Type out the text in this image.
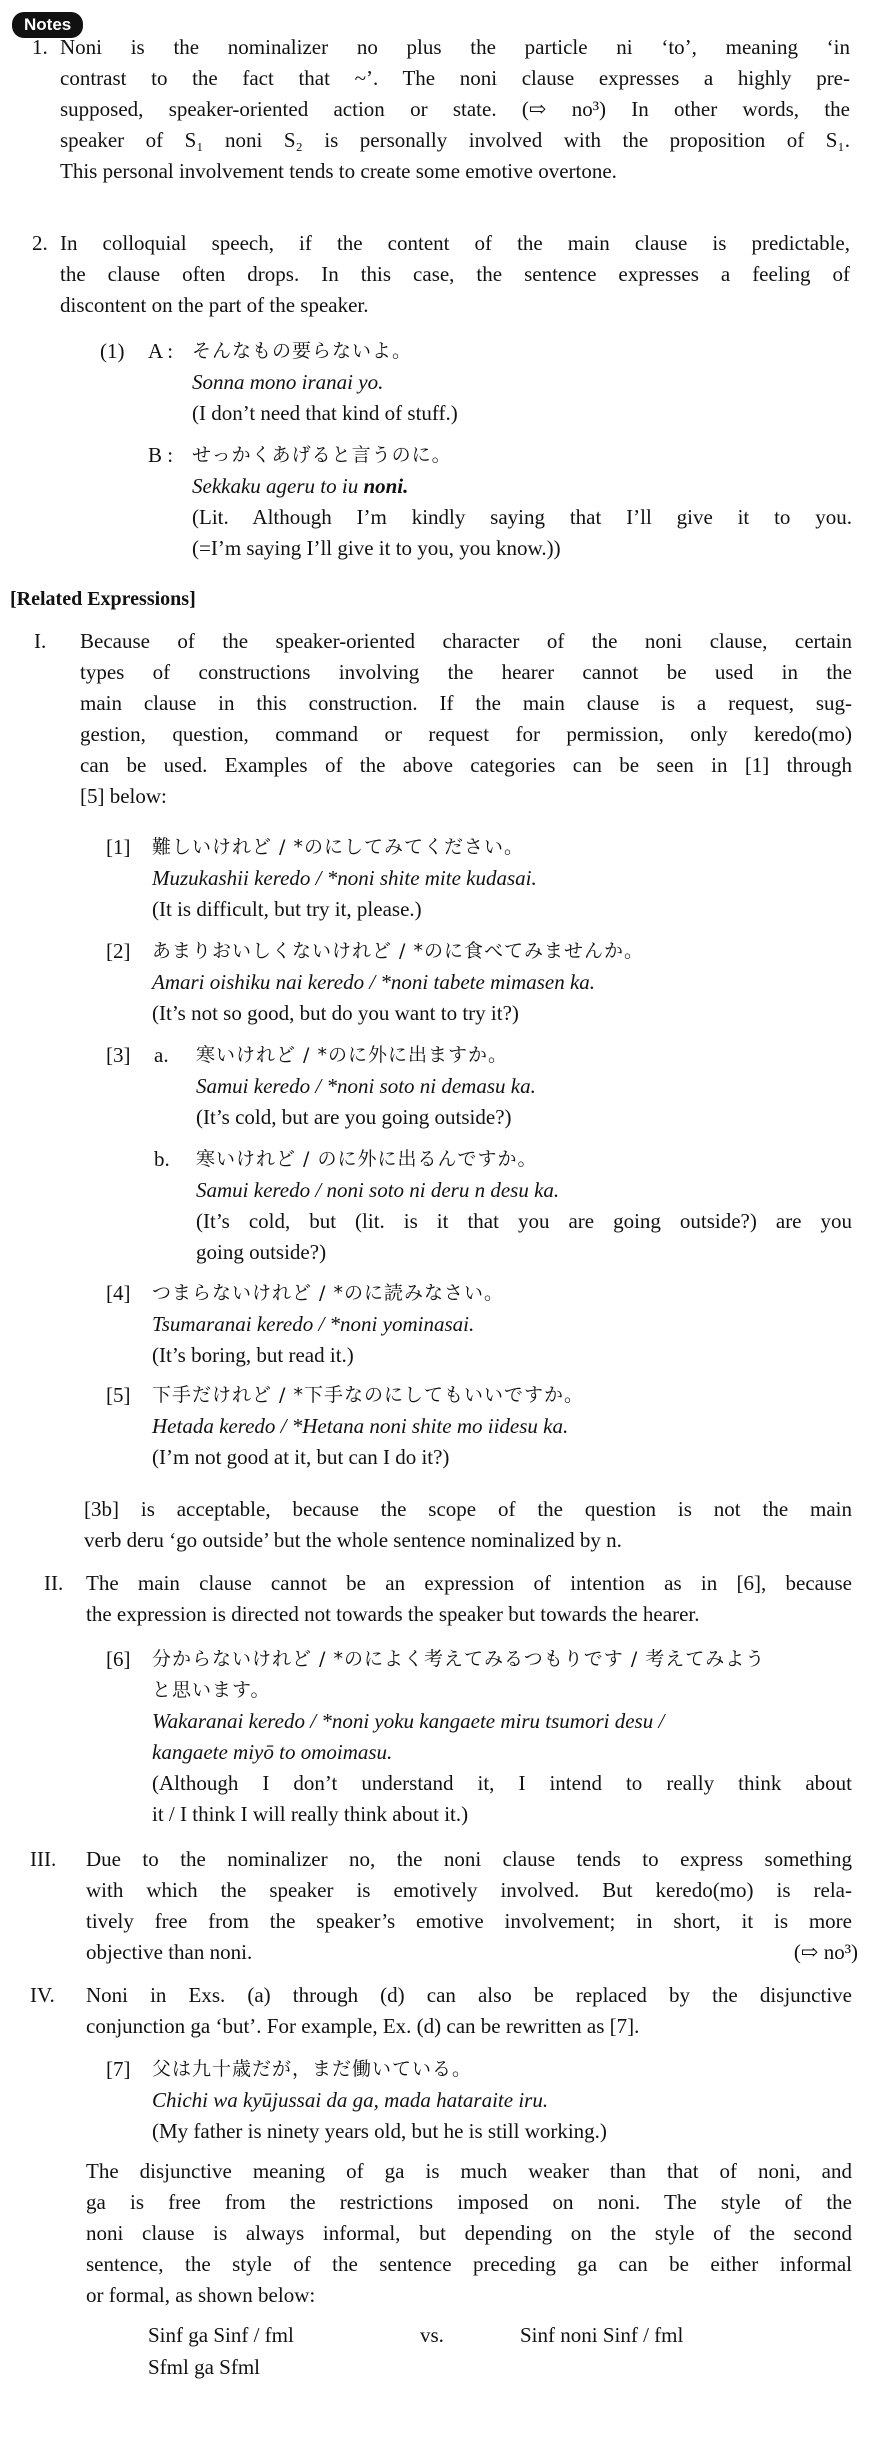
Notes
1. Noni is the nominalizer no plus the particle ni ‘to’, meaning ‘in
contrast to the fact that ~’. The noni clause expresses a highly pre-
supposed, speaker-oriented action or state. (⇨ no³) In other words, the
speaker of S₁ noni S₂ is personally involved with the proposition of S₁.
This personal involvement tends to create some emotive overtone.
2. In colloquial speech, if the content of the main clause is predictable,
the clause often drops. In this case, the sentence expresses a feeling of
discontent on the part of the speaker.
(1) A : そんなもの要らないよ。
Sonna mono iranai yo.
(I don’t need that kind of stuff.)
B : せっかくあげると言うのに。
Sekkaku ageru to iu noni.
(Lit. Although I’m kindly saying that I’ll give it to you.
(=I’m saying I’ll give it to you, you know.))
[Related Expressions]
I. Because of the speaker-oriented character of the noni clause, certain
types of constructions involving the hearer cannot be used in the
main clause in this construction. If the main clause is a request, sug-
gestion, question, command or request for permission, only keredo(mo)
can be used. Examples of the above categories can be seen in [1] through
[5] below:
[1] 難しいけれど / *のにしてみてください。
Muzukashii keredo / *noni shite mite kudasai.
(It is difficult, but try it, please.)
[2] あまりおいしくないけれど / *のに食べてみませんか。
Amari oishiku nai keredo / *noni tabete mimasen ka.
(It’s not so good, but do you want to try it?)
[3] a. 寒いけれど / *のに外に出ますか。
Samui keredo / *noni soto ni demasu ka.
(It’s cold, but are you going outside?)
b. 寒いけれど / のに外に出るんですか。
Samui keredo / noni soto ni deru n desu ka.
(It’s cold, but (lit. is it that you are going outside?) are you
going outside?)
[4] つまらないけれど / *のに読みなさい。
Tsumaranai keredo / *noni yominasai.
(It’s boring, but read it.)
[5] 下手だけれど / *下手なのにしてもいいですか。
Hetada keredo / *Hetana noni shite mo iidesu ka.
(I’m not good at it, but can I do it?)
[3b] is acceptable, because the scope of the question is not the main
verb deru ‘go outside’ but the whole sentence nominalized by n.
II. The main clause cannot be an expression of intention as in [6], because
the expression is directed not towards the speaker but towards the hearer.
[6] 分からないけれど / *のによく考えてみるつもりです / 考えてみよう
と思います。
Wakaranai keredo / *noni yoku kangaete miru tsumori desu /
kangaete miyō to omoimasu.
(Although I don’t understand it, I intend to really think about
it / I think I will really think about it.)
III. Due to the nominalizer no, the noni clause tends to express something
with which the speaker is emotively involved. But keredo(mo) is rela-
tively free from the speaker’s emotive involvement; in short, it is more
objective than noni.	(⇨ no³)
IV. Noni in Exs. (a) through (d) can also be replaced by the disjunctive
conjunction ga ‘but’. For example, Ex. (d) can be rewritten as [7].
[7] 父は九十歳だが，まだ働いている。
Chichi wa kyūjussai da ga, mada hataraite iru.
(My father is ninety years old, but he is still working.)
The disjunctive meaning of ga is much weaker than that of noni, and
ga is free from the restrictions imposed on noni. The style of the
noni clause is always informal, but depending on the style of the second
sentence, the style of the sentence preceding ga can be either informal
or formal, as shown below:
Sinf ga Sinf / fml	vs.	Sinf noni Sinf / fml
Sfml ga Sfml
